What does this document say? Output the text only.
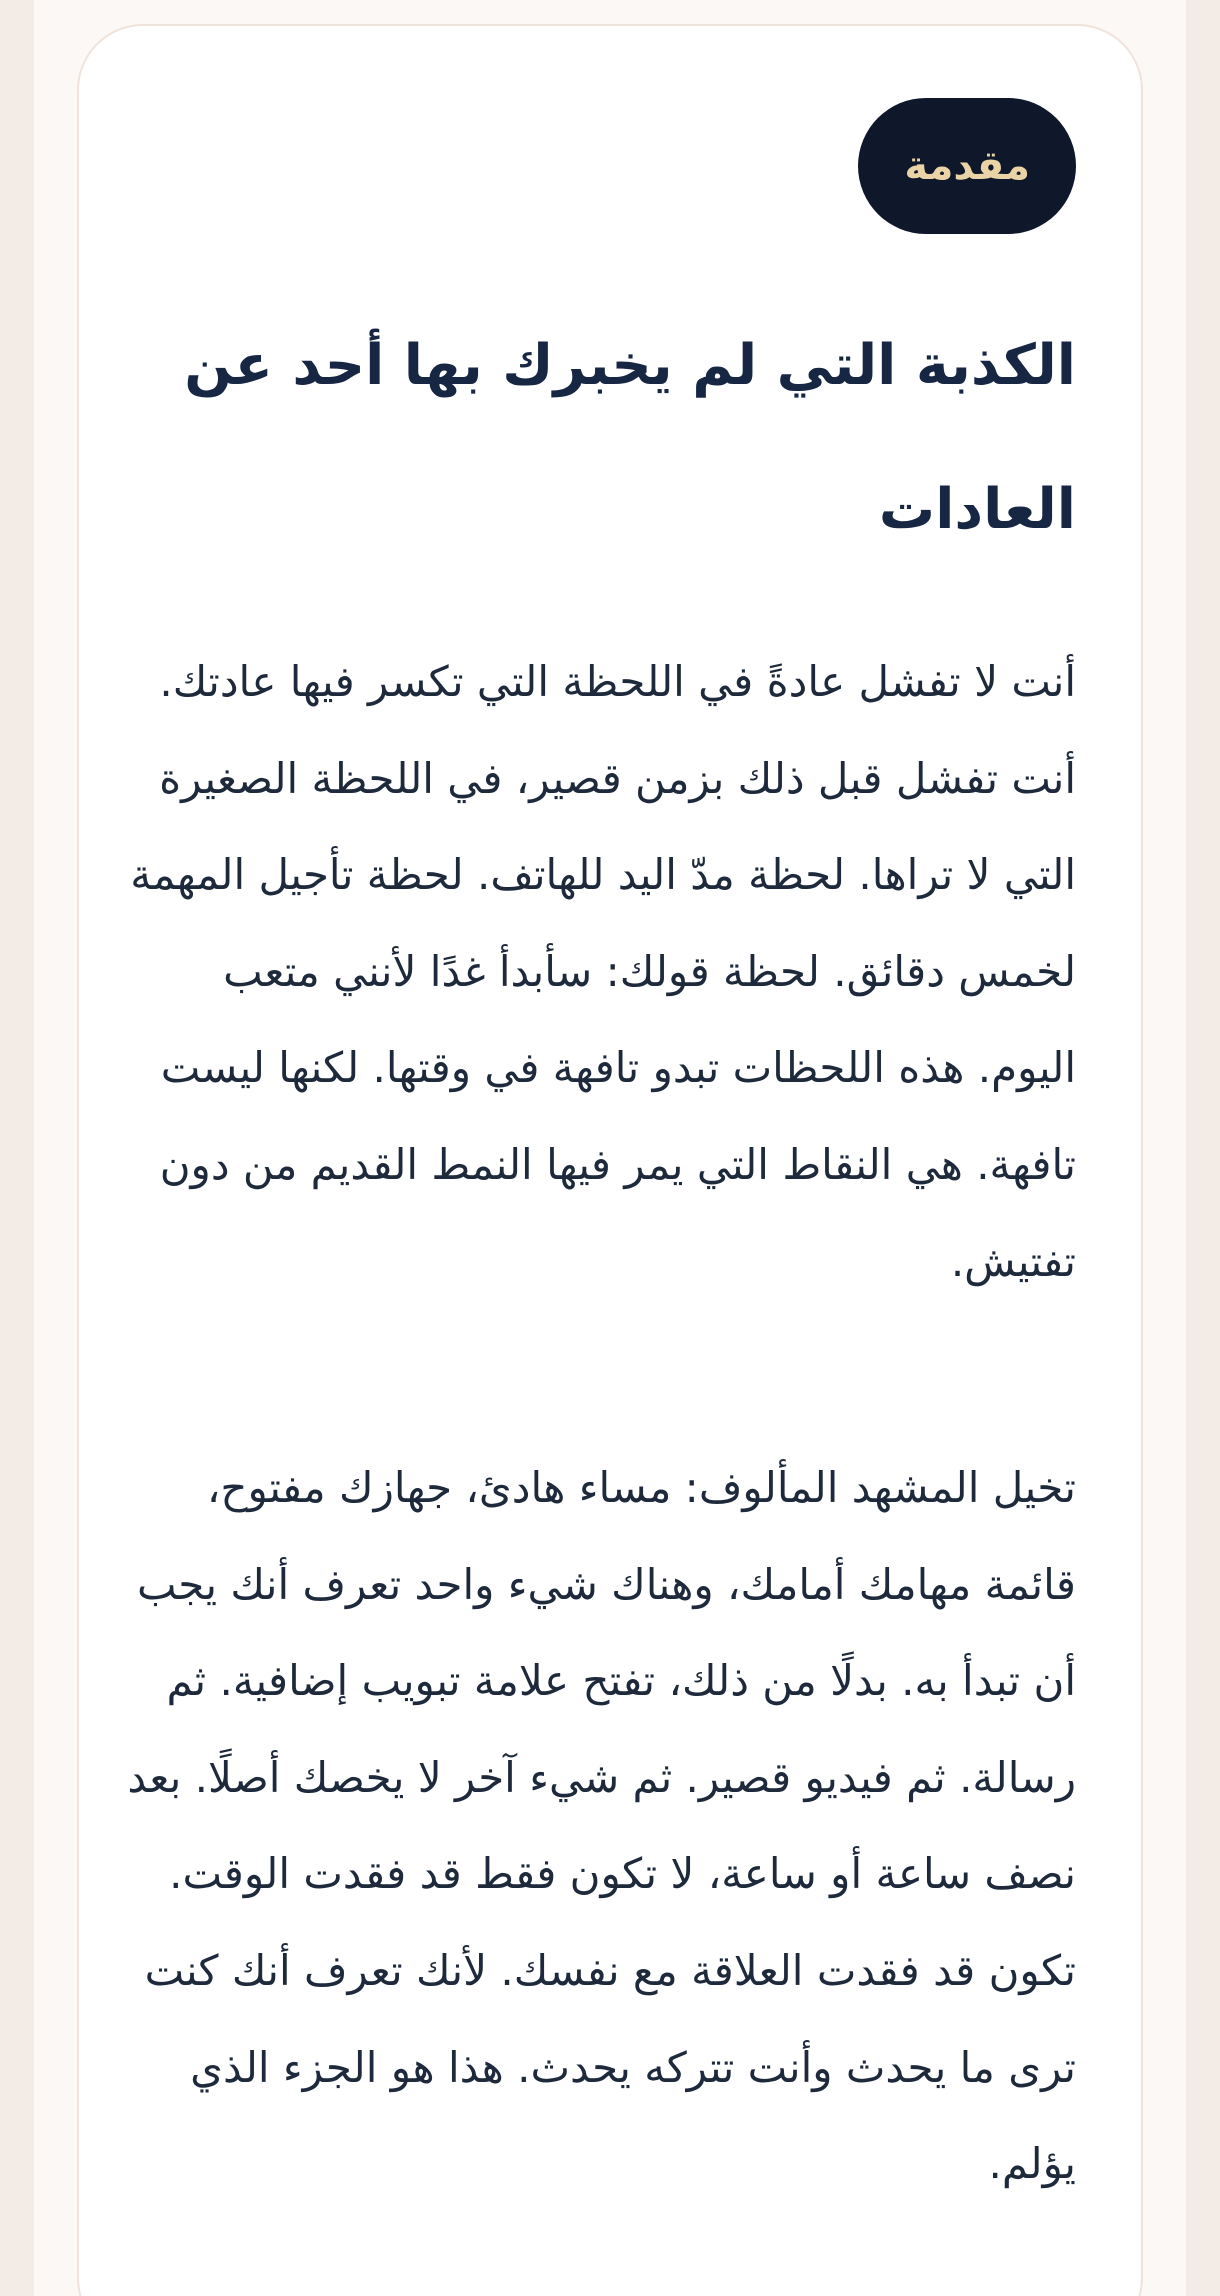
مقدمة
الكذبة التي لم يخبرك بها أحد عن العادات

أنت لا تفشل عادةً في اللحظة التي تكسر فيها عادتك. أنت تفشل قبل ذلك بزمن قصير، في اللحظة الصغيرة التي لا تراها. لحظة مدّ اليد للهاتف. لحظة تأجيل المهمة لخمس دقائق. لحظة قولك: سأبدأ غدًا لأنني متعب اليوم. هذه اللحظات تبدو تافهة في وقتها. لكنها ليست تافهة. هي النقاط التي يمر فيها النمط القديم من دون تفتيش.

تخيل المشهد المألوف: مساء هادئ، جهازك مفتوح، قائمة مهامك أمامك، وهناك شيء واحد تعرف أنك يجب أن تبدأ به. بدلًا من ذلك، تفتح علامة تبويب إضافية. ثم رسالة. ثم فيديو قصير. ثم شيء آخر لا يخصك أصلًا. بعد نصف ساعة أو ساعة، لا تكون فقط قد فقدت الوقت. تكون قد فقدت العلاقة مع نفسك. لأنك تعرف أنك كنت ترى ما يحدث وأنت تتركه يحدث. هذا هو الجزء الذي يؤلم.
